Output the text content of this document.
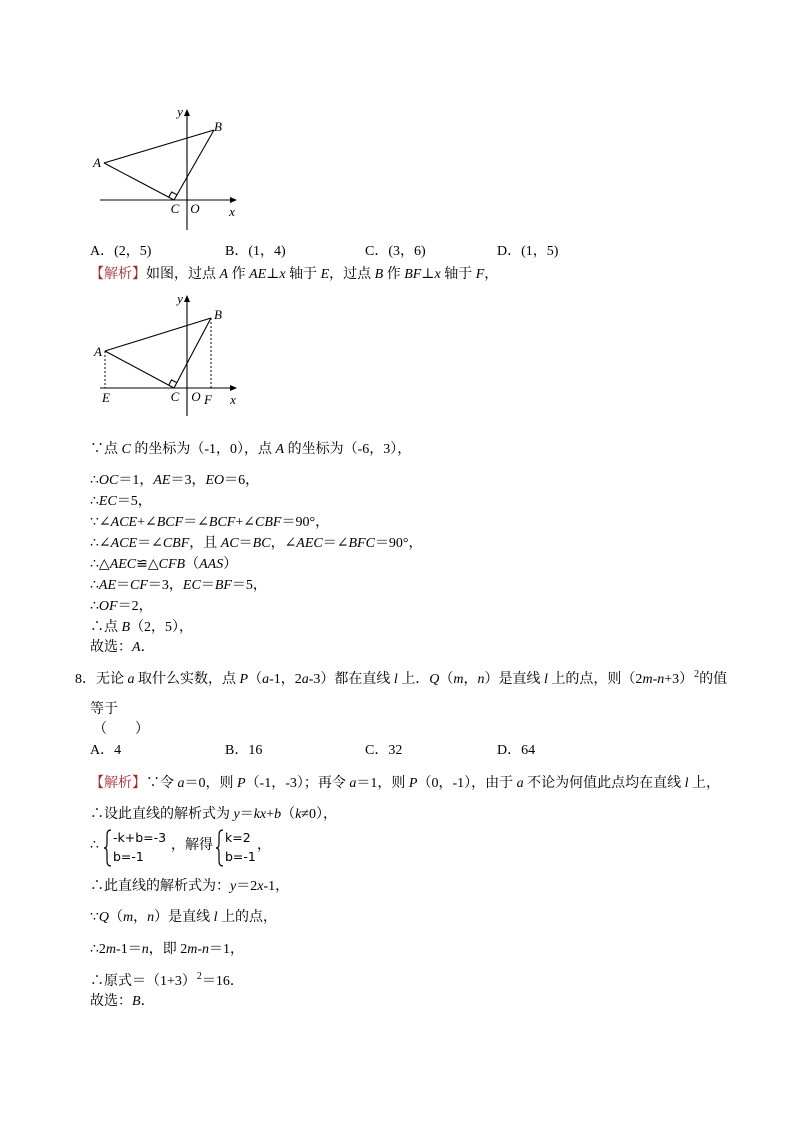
y
x
A
B
C O
A．(2，5)	B．(1，4)	C．(3，6)	D．(1，5)
【解析】如图，过点 A 作 AE⊥x 轴于 E，过点 B 作 BF⊥x 轴于 F，
y
x
A
B
C O
E	F
∵点 C 的坐标为（-1，0），点 A 的坐标为（-6，3），
∴OC＝1，AE＝3，EO＝6，
∴EC＝5，
∵∠ACE+∠BCF＝∠BCF+∠CBF＝90°，
∴∠ACE＝∠CBF，且 AC＝BC，∠AEC＝∠BFC＝90°，
∴△AEC≌△CFB（AAS）
∴AE＝CF＝3，EC＝BF＝5，
∴OF＝2，
∴点 B（2，5），
故选：A．
8．无论 a 取什么实数，点 P（a-1，2a-3）都在直线 l 上．Q（m，n）是直线 l 上的点，则$(2m-n+3)^2$的值
等于
（　　）
A．4	B．16	C．32	D．64
【解析】∵令 a＝0，则 P（-1，-3）；再令 a＝1，则 P（0，-1），由于 a 不论为何值此点均在直线 l 上，
∴设此直线的解析式为 y＝kx+b（k≠0），
∴
-k+b=-3
b=-1
，解得
k=2
b=-1
，
∴此直线的解析式为：y＝2x-1，
∵Q（m，n）是直线 l 上的点，
∴2m-1＝n，即 2m-n＝1，
∴原式$=(1+3)^2=16$．
故选：B．
